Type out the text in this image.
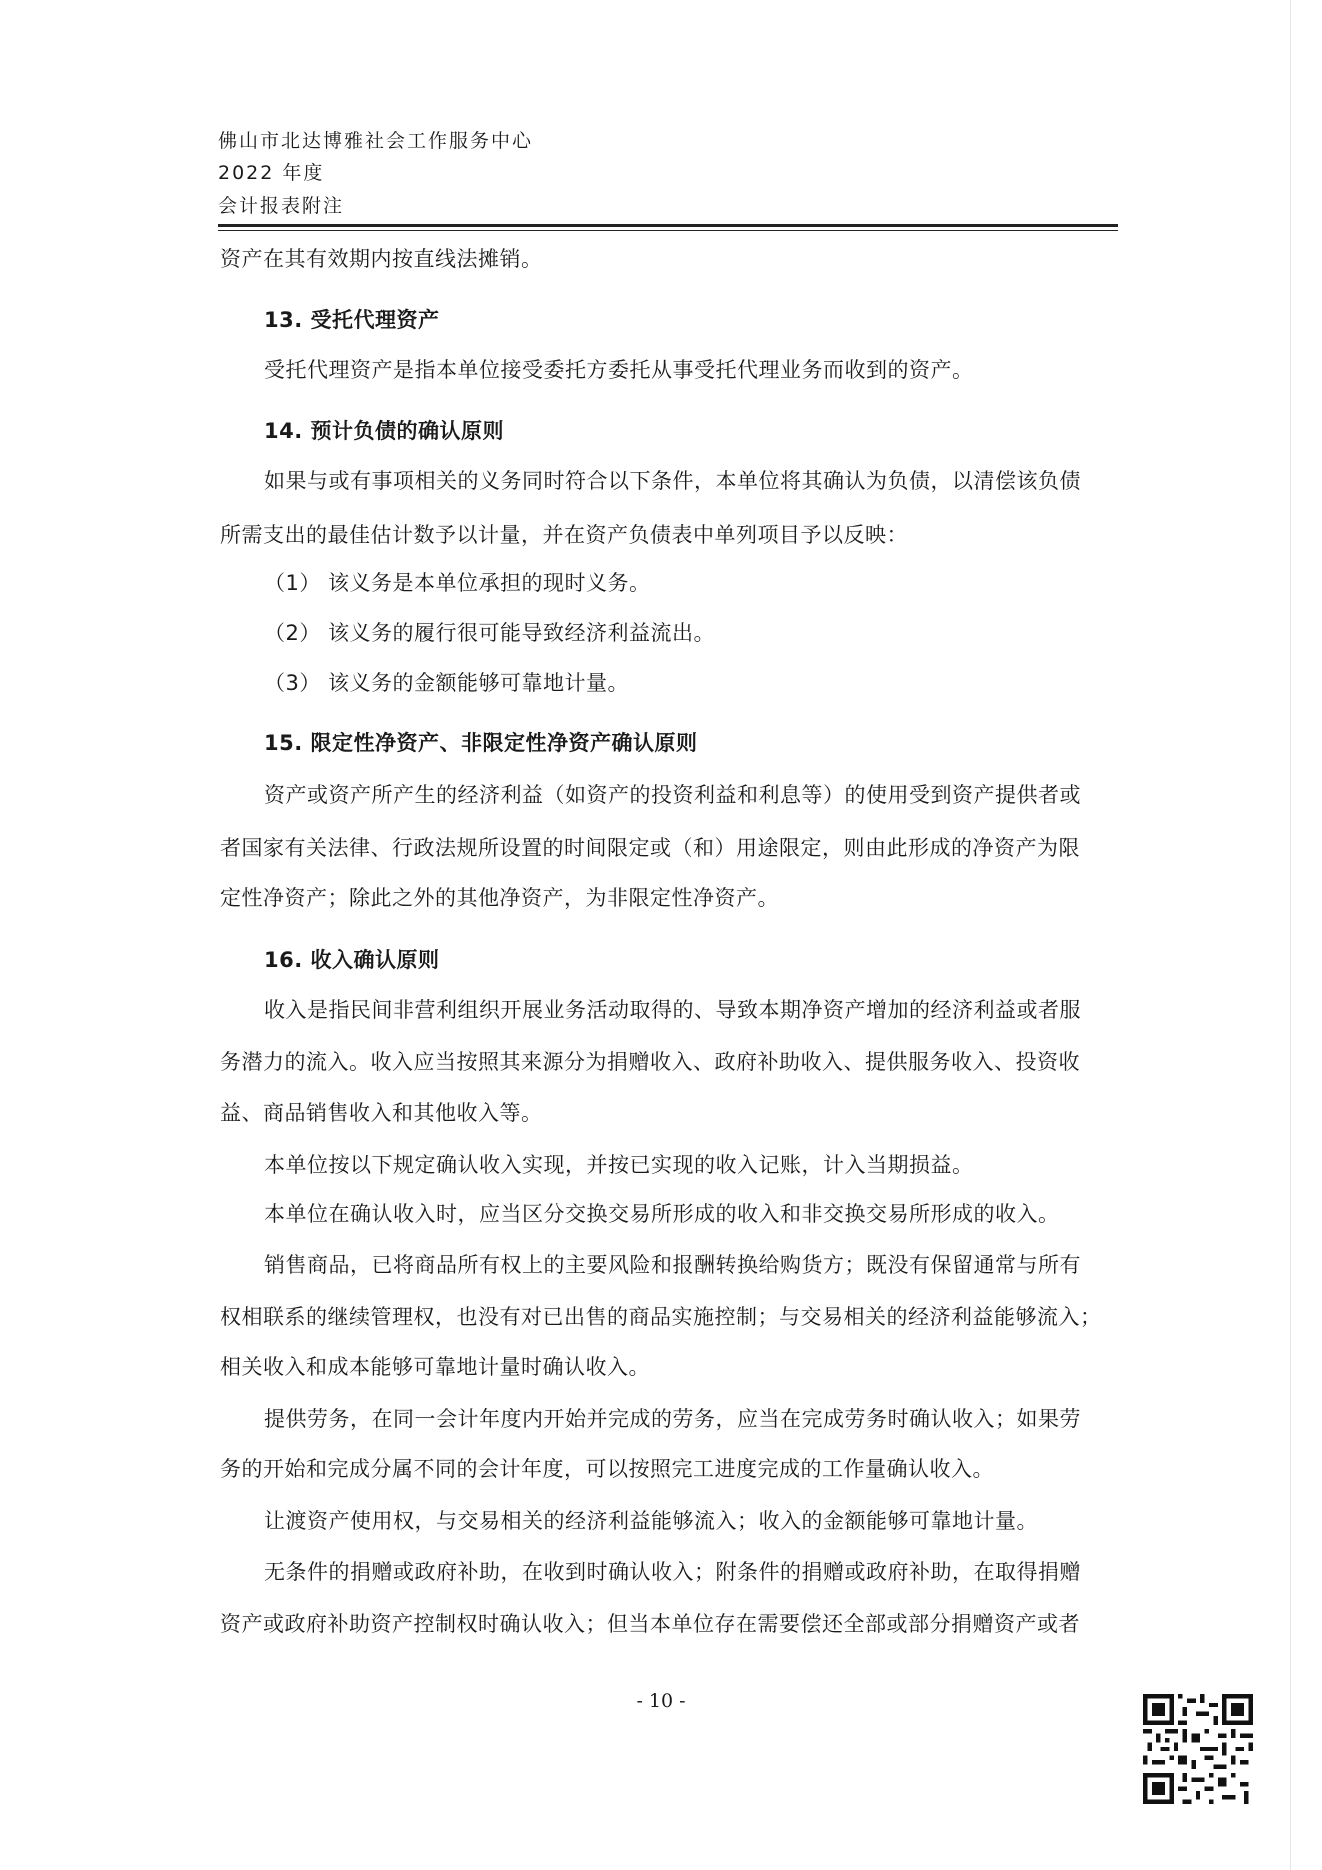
佛山市北达博雅社会工作服务中心
2022 年度
会计报表附注
资产在其有效期内按直线法摊销。
13. 受托代理资产
受托代理资产是指本单位接受委托方委托从事受托代理业务而收到的资产。
14. 预计负债的确认原则
如果与或有事项相关的义务同时符合以下条件，本单位将其确认为负债，以清偿该负债
所需支出的最佳估计数予以计量，并在资产负债表中单列项目予以反映：
（1） 该义务是本单位承担的现时义务。
（2） 该义务的履行很可能导致经济利益流出。
（3） 该义务的金额能够可靠地计量。
15. 限定性净资产、非限定性净资产确认原则
资产或资产所产生的经济利益（如资产的投资利益和利息等）的使用受到资产提供者或
者国家有关法律、行政法规所设置的时间限定或（和）用途限定，则由此形成的净资产为限
定性净资产；除此之外的其他净资产，为非限定性净资产。
16. 收入确认原则
收入是指民间非营利组织开展业务活动取得的、导致本期净资产增加的经济利益或者服
务潜力的流入。收入应当按照其来源分为捐赠收入、政府补助收入、提供服务收入、投资收
益、商品销售收入和其他收入等。
本单位按以下规定确认收入实现，并按已实现的收入记账，计入当期损益。
本单位在确认收入时，应当区分交换交易所形成的收入和非交换交易所形成的收入。
销售商品，已将商品所有权上的主要风险和报酬转换给购货方；既没有保留通常与所有
权相联系的继续管理权，也没有对已出售的商品实施控制；与交易相关的经济利益能够流入；
相关收入和成本能够可靠地计量时确认收入。
提供劳务，在同一会计年度内开始并完成的劳务，应当在完成劳务时确认收入；如果劳
务的开始和完成分属不同的会计年度，可以按照完工进度完成的工作量确认收入。
让渡资产使用权，与交易相关的经济利益能够流入；收入的金额能够可靠地计量。
无条件的捐赠或政府补助，在收到时确认收入；附条件的捐赠或政府补助，在取得捐赠
资产或政府补助资产控制权时确认收入；但当本单位存在需要偿还全部或部分捐赠资产或者
- 10 -
